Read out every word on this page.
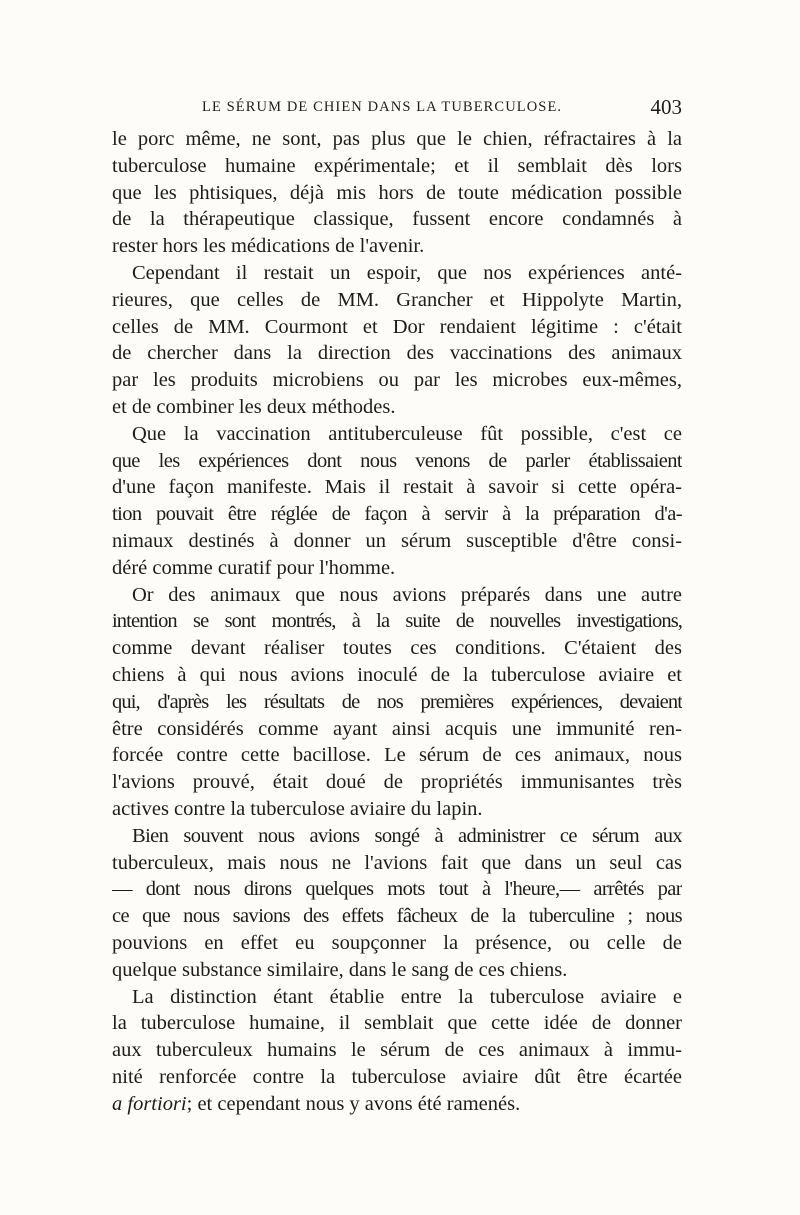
LE SÉRUM DE CHIEN DANS LA TUBERCULOSE.	403
le porc même, ne sont, pas plus que le chien, réfractaires à la
tuberculose humaine expérimentale; et il semblait dès lors
que les phtisiques, déjà mis hors de toute médication possible
de la thérapeutique classique, fussent encore condamnés à
rester hors les médications de l'avenir.
Cependant il restait un espoir, que nos expériences anté-
rieures, que celles de MM. Grancher et Hippolyte Martin,
celles de MM. Courmont et Dor rendaient légitime : c'était
de chercher dans la direction des vaccinations des animaux
par les produits microbiens ou par les microbes eux-mêmes,
et de combiner les deux méthodes.
Que la vaccination antituberculeuse fût possible, c'est ce
que les expériences dont nous venons de parler établissaient
d'une façon manifeste. Mais il restait à savoir si cette opéra-
tion pouvait être réglée de façon à servir à la préparation d'a-
nimaux destinés à donner un sérum susceptible d'être consi-
déré comme curatif pour l'homme.
Or des animaux que nous avions préparés dans une autre
intention se sont montrés, à la suite de nouvelles investigations,
comme devant réaliser toutes ces conditions. C'étaient des
chiens à qui nous avions inoculé de la tuberculose aviaire et
qui, d'après les résultats de nos premières expériences, devaient
être considérés comme ayant ainsi acquis une immunité ren-
forcée contre cette bacillose. Le sérum de ces animaux, nous
l'avions prouvé, était doué de propriétés immunisantes très
actives contre la tuberculose aviaire du lapin.
Bien souvent nous avions songé à administrer ce sérum aux
tuberculeux, mais nous ne l'avions fait que dans un seul cas
— dont nous dirons quelques mots tout à l'heure,— arrêtés par
ce que nous savions des effets fâcheux de la tuberculine ; nous
pouvions en effet eu soupçonner la présence, ou celle de
quelque substance similaire, dans le sang de ces chiens.
La distinction étant établie entre la tuberculose aviaire e
la tuberculose humaine, il semblait que cette idée de donner
aux tuberculeux humains le sérum de ces animaux à immu-
nité renforcée contre la tuberculose aviaire dût être écartée
a fortiori; et cependant nous y avons été ramenés.
